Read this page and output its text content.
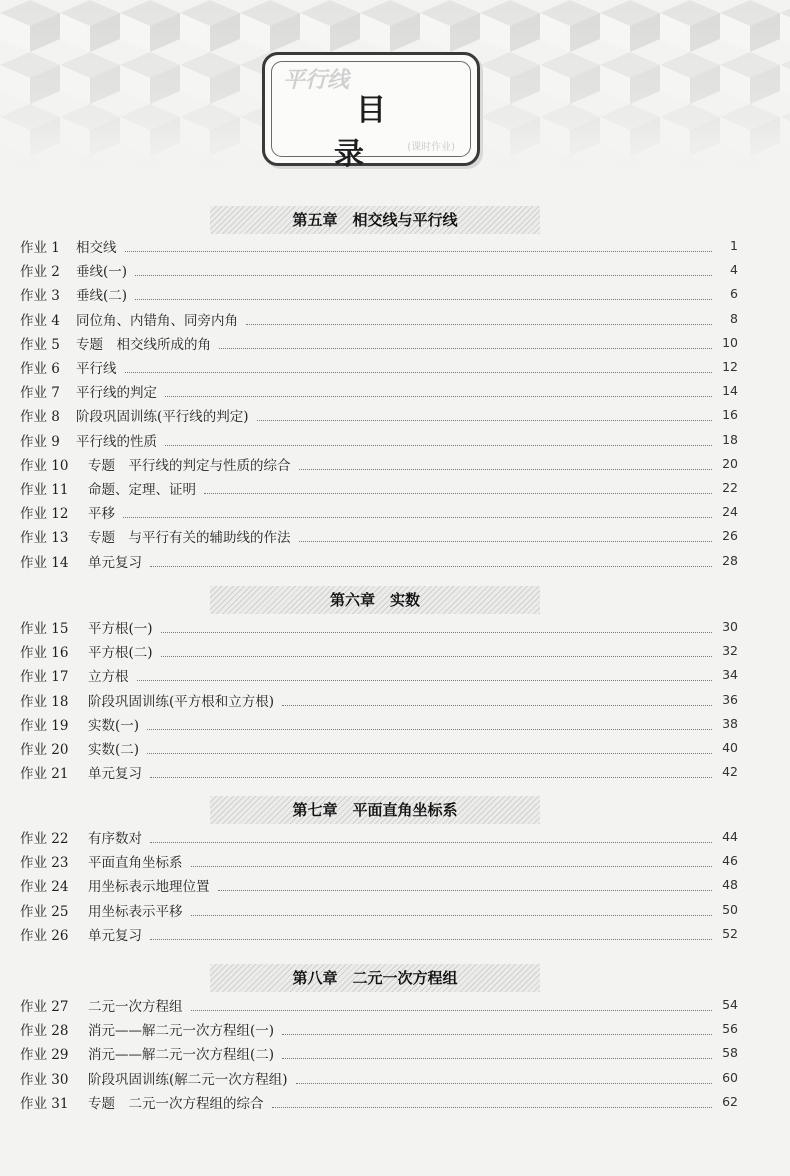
平行线
(课时作业)
目 录
第五章　相交线与平行线
作业 1 相交线	1
作业 2 垂线(一)	4
作业 3 垂线(二)	6
作业 4 同位角、内错角、同旁内角	8
作业 5 专题　相交线所成的角	10
作业 6 平行线	12
作业 7 平行线的判定	14
作业 8 阶段巩固训练(平行线的判定)	16
作业 9 平行线的性质	18
作业 10 专题　平行线的判定与性质的综合	20
作业 11 命题、定理、证明	22
作业 12 平移	24
作业 13 专题　与平行有关的辅助线的作法	26
作业 14 单元复习	28
第六章　实数
作业 15 平方根(一)	30
作业 16 平方根(二)	32
作业 17 立方根	34
作业 18 阶段巩固训练(平方根和立方根)	36
作业 19 实数(一)	38
作业 20 实数(二)	40
作业 21 单元复习	42
第七章　平面直角坐标系
作业 22 有序数对	44
作业 23 平面直角坐标系	46
作业 24 用坐标表示地理位置	48
作业 25 用坐标表示平移	50
作业 26 单元复习	52
第八章　二元一次方程组
作业 27 二元一次方程组	54
作业 28 消元——解二元一次方程组(一)	56
作业 29 消元——解二元一次方程组(二)	58
作业 30 阶段巩固训练(解二元一次方程组)	60
作业 31 专题　二元一次方程组的综合	62
